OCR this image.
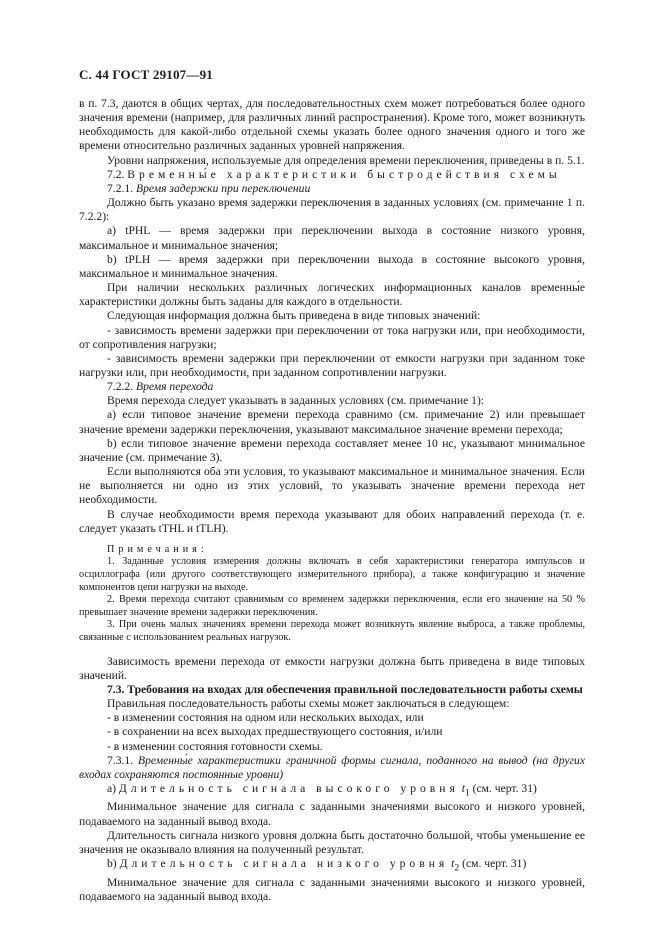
С. 44 ГОСТ 29107—91

в п. 7.3, даются в общих чертах, для последовательностных схем может потребоваться более одного значения времени (например, для различных линий распространения). Кроме того, может возникнуть необходимость для какой-либо отдельной схемы указать более одного значения одного и того же времени относительно различных заданных уровней напряжения.

Уровни напряжения, используемые для определения времени переключения, приведены в п. 5.1.

7.2. Временны́е характеристики быстродействия схемы

7.2.1. Время задержки при переключении

Должно быть указано время задержки переключения в заданных условиях (см. примечание 1 п. 7.2.2):

а) tPHL — время задержки при переключении выхода в состояние низкого уровня, максимальное и минимальное значения;

b) tPLH — время задержки при переключении выхода в состояние высокого уровня, максимальное и минимальное значения.

При наличии нескольких различных логических информационных каналов временны́е характеристики должны быть заданы для каждого в отдельности.

Следующая информация должна быть приведена в виде типовых значений:

- зависимость времени задержки при переключении от тока нагрузки или, при необходимости, от сопротивления нагрузки;

- зависимость времени задержки при переключении от емкости нагрузки при заданном токе нагрузки или, при необходимости, при заданном сопротивлении нагрузки.

7.2.2. Время перехода

Время перехода следует указывать в заданных условиях (см. примечание 1):

а) если типовое значение времени перехода сравнимо (см. примечание 2) или превышает значение времени задержки переключения, указывают максимальное значение времени перехода;

b) если типовое значение времени перехода составляет менее 10 нс, указывают минимальное значение (см. примечание 3).

Если выполняются оба эти условия, то указывают максимальное и минимальное значения. Если не выполняется ни одно из этих условий, то указывать значение времени перехода нет необходимости.

В случае необходимости время перехода указывают для обоих направлений перехода (т. е. следует указать tTHL и tTLH).

Примечания:

1. Заданные условия измерения должны включать в себя характеристики генератора импульсов и осциллографа (или другого соответствующего измерительного прибора), а также конфигурацию и значение компонентов цепи нагрузки на выходе.

2. Время перехода считают сравнимым со временем задержки переключения, если его значение на 50 % превышает значение времени задержки переключения.

3. При очень малых значениях времени перехода может возникнуть явление выброса, а также проблемы, связанные с использованием реальных нагрузок.

Зависимость времени перехода от емкости нагрузки должна быть приведена в виде типовых значений.

7.3. Требования на входах для обеспечения правильной последовательности работы схемы

Правильная последовательность работы схемы может заключаться в следующем:

- в изменении состояния на одном или нескольких выходах, или

- в сохранении на всех выходах предшествующего состояния, и/или

- в изменении состояния готовности схемы.

7.3.1. Временны́е характеристики граничной формы сигнала, поданного на вывод (на других входах сохраняются постоянные уровни)

а) Длительность сигнала высокого уровня $t_1$ (см. черт. 31)

Минимальное значение для сигнала с заданными значениями высокого и низкого уровней, подаваемого на заданный вывод входа.

Длительность сигнала низкого уровня должна быть достаточно большой, чтобы уменьшение ее значения не оказывало влияния на полученный результат.

b) Длительность сигнала низкого уровня $t_2$ (см. черт. 31)

Минимальное значение для сигнала с заданными значениями высокого и низкого уровней, подаваемого на заданный вывод входа.
